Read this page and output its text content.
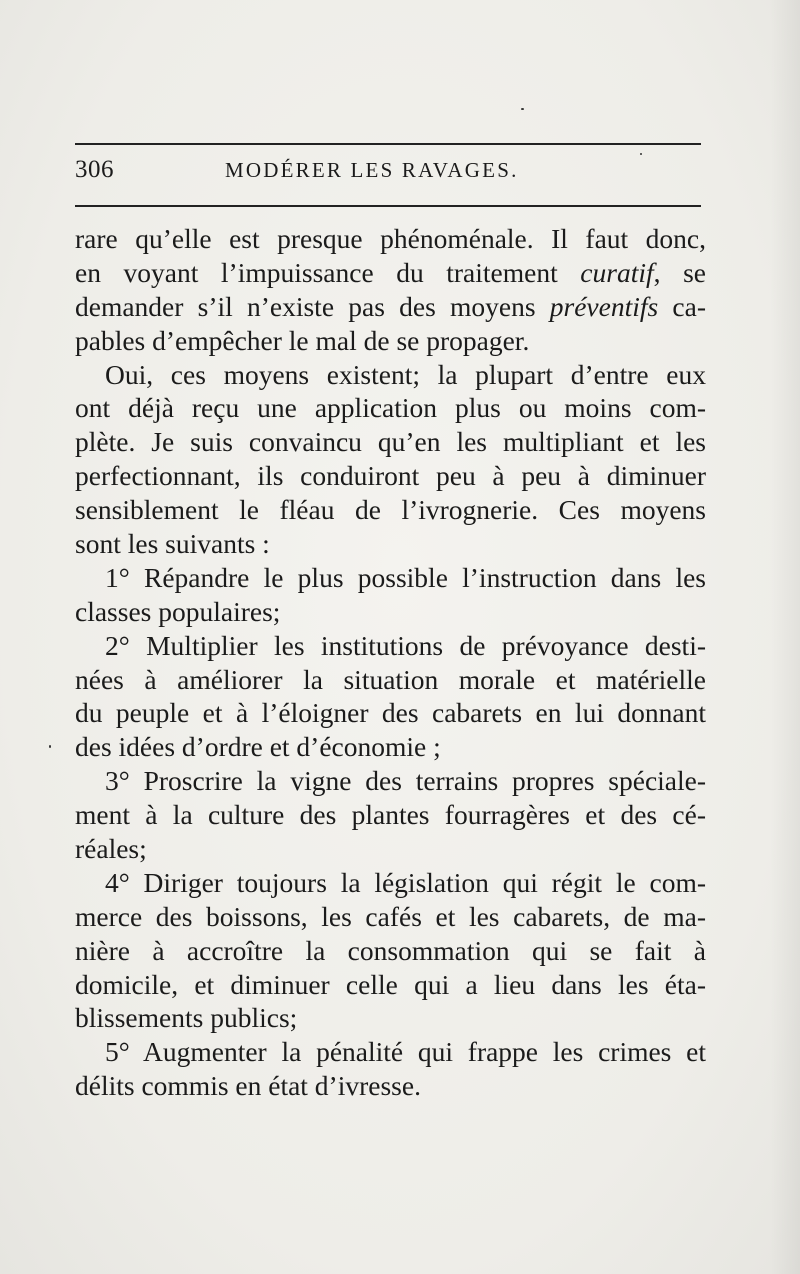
306	MODÉRER LES RAVAGES.
rare qu’elle est presque phénoménale. Il faut donc,
en voyant l’impuissance du traitement curatif, se
demander s’il n’existe pas des moyens préventifs ca-
pables d’empêcher le mal de se propager.
Oui, ces moyens existent; la plupart d’entre eux
ont déjà reçu une application plus ou moins com-
plète. Je suis convaincu qu’en les multipliant et les
perfectionnant, ils conduiront peu à peu à diminuer
sensiblement le fléau de l’ivrognerie. Ces moyens
sont les suivants :
1° Répandre le plus possible l’instruction dans les
classes populaires;
2° Multiplier les institutions de prévoyance desti-
nées à améliorer la situation morale et matérielle
du peuple et à l’éloigner des cabarets en lui donnant
des idées d’ordre et d’économie ;
3° Proscrire la vigne des terrains propres spéciale-
ment à la culture des plantes fourragères et des cé-
réales;
4° Diriger toujours la législation qui régit le com-
merce des boissons, les cafés et les cabarets, de ma-
nière à accroître la consommation qui se fait à
domicile, et diminuer celle qui a lieu dans les éta-
blissements publics;
5° Augmenter la pénalité qui frappe les crimes et
délits commis en état d’ivresse.
